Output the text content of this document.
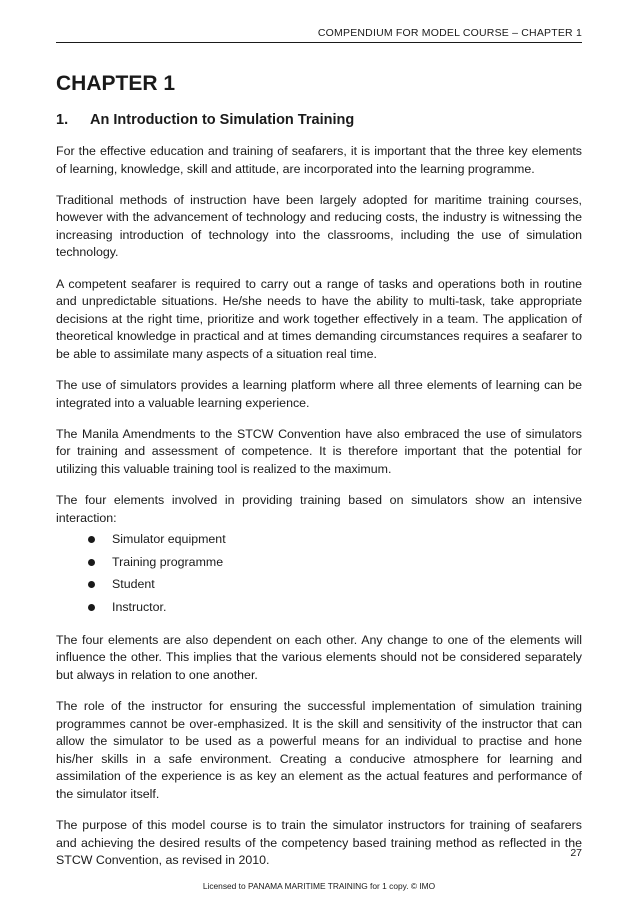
COMPENDIUM FOR MODEL COURSE – CHAPTER 1
CHAPTER 1
1. An Introduction to Simulation Training

For the effective education and training of seafarers, it is important that the three key elements of learning, knowledge, skill and attitude, are incorporated into the learning programme.

Traditional methods of instruction have been largely adopted for maritime training courses, however with the advancement of technology and reducing costs, the industry is witnessing the increasing introduction of technology into the classrooms, including the use of simulation technology.

A competent seafarer is required to carry out a range of tasks and operations both in routine and unpredictable situations. He/she needs to have the ability to multi-task, take appropriate decisions at the right time, prioritize and work together effectively in a team. The application of theoretical knowledge in practical and at times demanding circumstances requires a seafarer to be able to assimilate many aspects of a situation real time.

The use of simulators provides a learning platform where all three elements of learning can be integrated into a valuable learning experience.

The Manila Amendments to the STCW Convention have also embraced the use of simulators for training and assessment of competence. It is therefore important that the potential for utilizing this valuable training tool is realized to the maximum.

The four elements involved in providing training based on simulators show an intensive interaction:

Simulator equipment
Training programme
Student
Instructor.

The four elements are also dependent on each other. Any change to one of the elements will influence the other. This implies that the various elements should not be considered separately but always in relation to one another.

The role of the instructor for ensuring the successful implementation of simulation training programmes cannot be over-emphasized. It is the skill and sensitivity of the instructor that can allow the simulator to be used as a powerful means for an individual to practise and hone his/her skills in a safe environment. Creating a conducive atmosphere for learning and assimilation of the experience is as key an element as the actual features and performance of the simulator itself.

The purpose of this model course is to train the simulator instructors for training of seafarers and achieving the desired results of the competency based training method as reflected in the STCW Convention, as revised in 2010.

27
Licensed to PANAMA MARITIME TRAINING for 1 copy. © IMO
